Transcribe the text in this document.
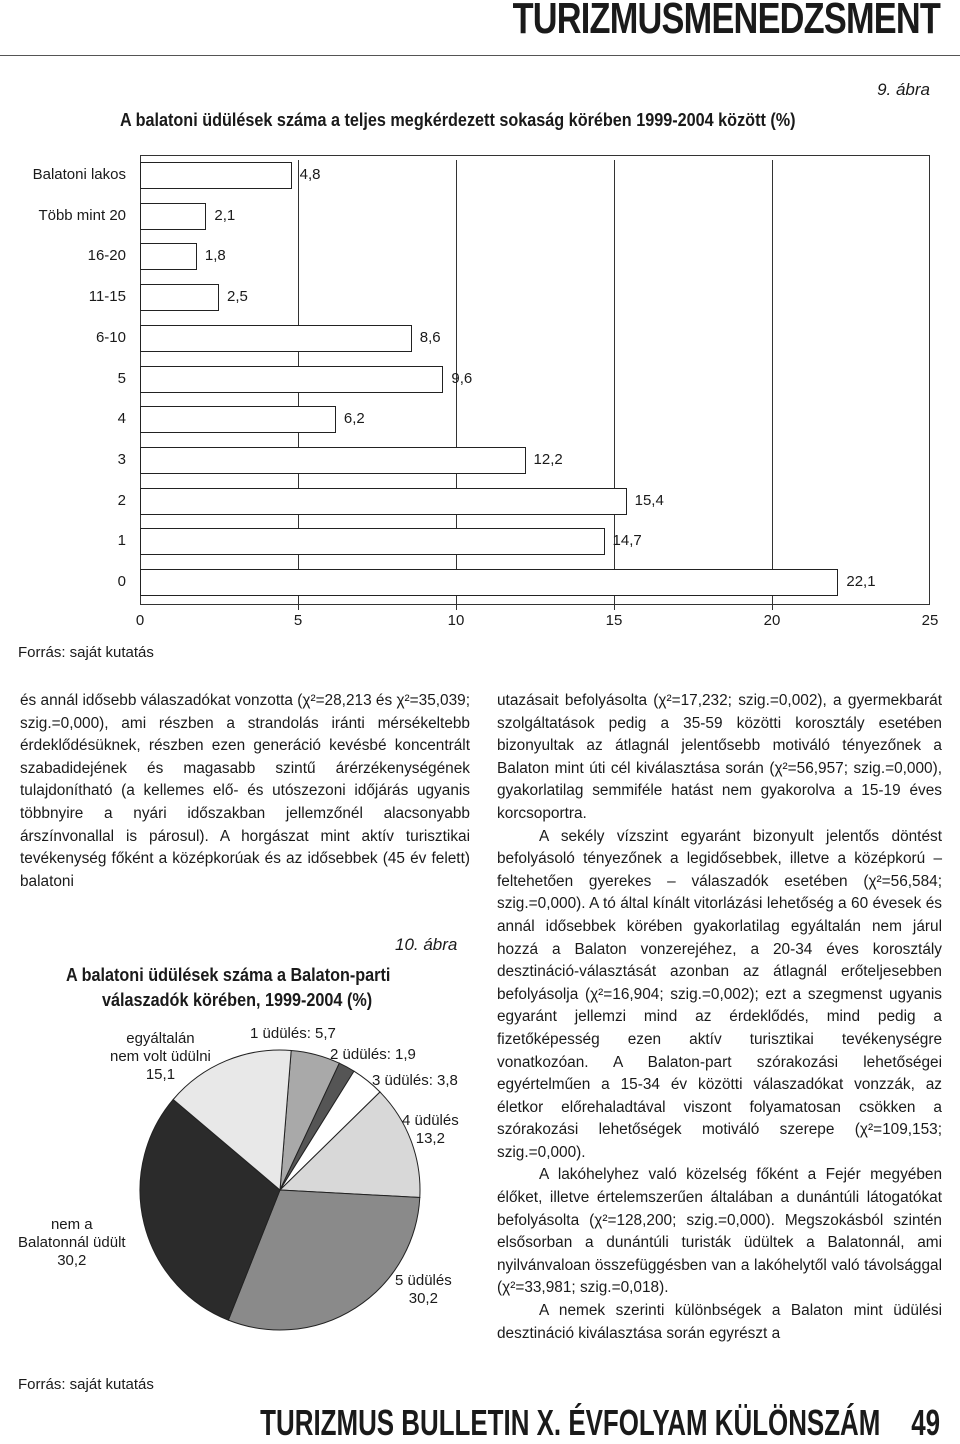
TURIZMUSMENEDZSMENT
9. ábra
A balatoni üdülések száma a teljes megkérdezett sokaság körében 1999-2004 között (%)
Balatoni lakos	4,8
Több mint 20	2,1
16-20	1,8
11-15	2,5
6-10	8,6
5	9,6
4	6,2
3	12,2
2	15,4
1	14,7
0	22,1
0	5	10	15	20	25
Forrás: saját kutatás

és annál idősebb válaszadókat vonzotta (χ²=28,213 és χ²=35,039; szig.=0,000), ami részben a strandolás iránti mérsékeltebb érdeklődésüknek, részben ezen generáció kevésbé koncentrált szabadidejének és magasabb szintű árérzékenységének tulajdonítható (a kellemes elő- és utószezoni időjárás ugyanis többnyire a nyári időszakban jellemzőnél alacsonyabb árszínvonallal is párosul). A horgászat mint aktív turisztikai tevékenység főként a középkorúak és az idősebbek (45 év felett) balatoni

10. ábra
A balatoni üdülések száma a Balaton-parti
válaszadók körében, 1999-2004 (%)
1 üdülés: 5,7
2 üdülés: 1,9
3 üdülés: 3,8
4 üdülés
13,2
5 üdülés
30,2
nem a
Balatonnál üdült
30,2
egyáltalán
nem volt üdülni
15,1
Forrás: saját kutatás

utazásait befolyásolta (χ²=17,232; szig.=0,002), a gyermekbarát szolgáltatások pedig a 35-59 közötti korosztály esetében bizonyultak az átlagnál jelentősebb motiváló tényezőnek a Balaton mint úti cél kiválasztása során (χ²=56,957; szig.=0,000), gyakorlatilag semmiféle hatást nem gyakorolva a 15-19 éves korcsoportra.

A sekély vízszint egyaránt bizonyult jelentős döntést befolyásoló tényezőnek a legidősebbek, illetve a középkorú – feltehetően gyerekes – válaszadók esetében (χ²=56,584; szig.=0,000). A tó által kínált vitorlázási lehetőség a 60 évesek és annál idősebbek körében gyakorlatilag egyáltalán nem járul hozzá a Balaton vonzerejéhez, a 20-34 éves korosztály desztináció-választását azonban az átlagnál erőteljesebben befolyásolja (χ²=16,904; szig.=0,002); ezt a szegmenst ugyanis egyaránt jellemzi mind az érdeklődés, mind pedig a fizetőképesség ezen aktív turisztikai tevékenységre vonatkozóan. A Balaton-part szórakozási lehetőségei egyértelműen a 15-34 év közötti válaszadókat vonzzák, az életkor előrehaladtával viszont folyamatosan csökken a szórakozási lehetőségek motiváló szerepe (χ²=109,153; szig.=0,000).

A lakóhelyhez való közelség főként a Fejér megyében élőket, illetve értelemszerűen általában a dunántúli látogatókat befolyásolta (χ²=128,200; szig.=0,000). Megszokásból szintén elsősorban a dunántúli turisták üdültek a Balatonnál, ami nyilvánvaloan összefüggésben van a lakóhelytől való távolsággal (χ²=33,981; szig.=0,018).

A nemek szerinti különbségek a Balaton mint üdülési desztináció kiválasztása során egyrészt a

TURIZMUS BULLETIN X. ÉVFOLYAM KÜLÖNSZÁM 49
